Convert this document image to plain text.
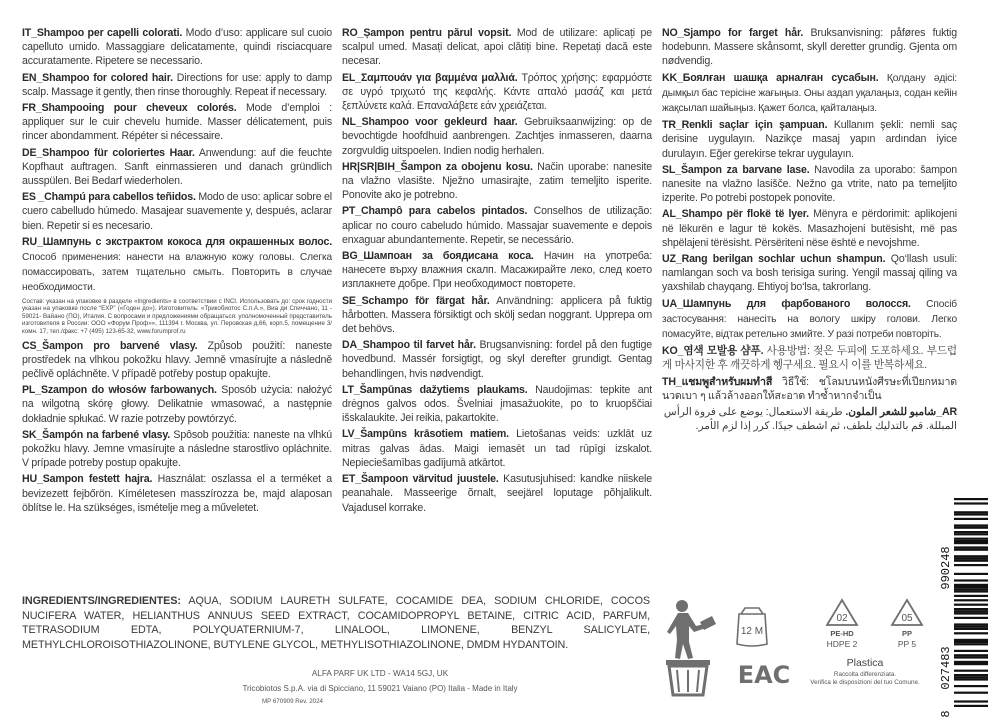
IT_Shampoo per capelli colorati. Modo d’uso: applicare sul cuoio capelluto umido. Massaggiare delicatamente, quindi risciacquare accuratamente. Ripetere se necessario.

EN_Shampoo for colored hair. Directions for use: apply to damp scalp. Massage it gently, then rinse thoroughly. Repeat if necessary.

FR_Shampooing pour cheveux colorés. Mode d’emploi : appliquer sur le cuir chevelu humide. Masser délicatement, puis rincer abondamment. Répéter si nécessaire.

DE_Shampoo für coloriertes Haar. Anwendung: auf die feuchte Kopfhaut auftragen. Sanft einmassieren und danach gründlich ausspülen. Bei Bedarf wiederholen.

ES _Champú para cabellos teñidos. Modo de uso: aplicar sobre el cuero cabelludo húmedo. Masajear suavemente y, después, aclarar bien. Repetir si es necesario.

RU_Шампунь с экстрактом кокоса для окрашенных волос. Способ применения: нанести на влажную кожу головы. Слегка помассировать, затем тщательно смыть. Повторить в случае необходимости.

Состав: указан на упаковке в разделе «Ingredients» в соответствии с INCI. Использовать до: срок годности указан на упаковке после “EXP” («Годен до»). Изготовитель: «Трикобиотос С.п.А.», Виа ди Спиччано, 11 - 59021- Вайано (ПО), Италия. С вопросами и предложениями обращаться: уполномоченный представитель изготовителя в России: ООО «Форум Проф»», 111394 г. Москва, ул. Перовская д.66, корп.5, помещение 3/ комн. 17, тел./факс: +7 (495) 123-65-32, www.forumprof.ru

CS_Šampon pro barvené vlasy. Způsob použití: naneste prostředek na vlhkou pokožku hlavy. Jemně vmasírujte a následně pečlivě opláchněte. V případě potřeby postup opakujte.

PL_Szampon do włosów farbowanych. Sposób użycia: nałożyć na wilgotną skórę głowy. Delikatnie wmasować, a następnie dokładnie spłukać. W razie potrzeby powtórzyć.

SK_Šampón na farbené vlasy. Spôsob použitia: naneste na vlhkú pokožku hlavy. Jemne vmasírujte a následne starostlivo opláchnite. V prípade potreby postup opakujte.

HU_Sampon festett hajra. Használat: oszlassa el a terméket a bevizezett fejbőrön. Kíméletesen masszírozza be, majd alaposan öblítse le. Ha szükséges, ismételje meg a műveletet.

RO_Șampon pentru părul vopsit. Mod de utilizare: aplicați pe scalpul umed. Masați delicat, apoi clătiți bine. Repetați dacă este necesar.

EL_Σαμπουάν για βαμμένα μαλλιά. Τρόπος χρήσης: εφαρμόστε σε υγρό τριχωτό της κεφαλής. Κάντε απαλό μασάζ και μετά ξεπλύνετε καλά. Επαναλάβετε εάν χρειάζεται.

NL_Shampoo voor gekleurd haar. Gebruiksaanwijzing: op de bevochtigde hoofdhuid aanbrengen. Zachtjes inmasseren, daarna zorgvuldig uitspoelen. Indien nodig herhalen.

HR|SR|BIH_Šampon za obojenu kosu. Način uporabe: nanesite na vlažno vlasište. Nježno umasirajte, zatim temeljito isperite. Ponovite ako je potrebno.

PT_Champô para cabelos pintados. Conselhos de utilização: aplicar no couro cabeludo húmido. Massajar suavemente e depois enxaguar abundantemente. Repetir, se necessário.

BG_Шампоан за боядисана коса. Начин на употреба: нанесете върху влажния скалп. Масажирайте леко, след което изплакнете добре. При необходимост повторете.

SE_Schampo för färgat hår. Användning: applicera på fuktig hårbotten. Massera försiktigt och skölj sedan noggrant. Upprepa om det behövs.

DA_Shampoo til farvet hår. Brugsanvisning: fordel på den fugtige hovedbund. Massér forsigtigt, og skyl derefter grundigt. Gentag behandlingen, hvis nødvendigt.

LT_Šampūnas dažytiems plaukams. Naudojimas: tepkite ant drėgnos galvos odos. Švelniai įmasažuokite, po to kruopščiai išskalaukite. Jei reikia, pakartokite.

LV_Šampūns krāsotiem matiem. Lietošanas veids: uzklāt uz mitras galvas ādas. Maigi iemasēt un tad rūpīgi izskalot. Nepieciešamības gadījumā atkārtot.

ET_Šampoon värvitud juustele. Kasutusjuhised: kandke niiskele peanahale. Masseerige õrnalt, seejärel loputage põhjalikult. Vajadusel korrake.

NO_Sjampo for farget hår. Bruksanvisning: påføres fuktig hodebunn. Massere skånsomt, skyll deretter grundig. Gjenta om nødvendig.

KK_Боялған шашқа арналған сусабын. Қолдану әдісі: дымқыл бас терісіне жағыңыз. Оны аздап уқалаңыз, содан кейін жақсылап шайыңыз. Қажет болса, қайталаңыз.

TR_Renkli saçlar için şampuan. Kullanım şekli: nemli saç derisine uygulayın. Nazikçe masaj yapın ardından iyice durulayın. Eğer gerekirse tekrar uygulayın.

SL_Šampon za barvane lase. Navodila za uporabo: šampon nanesite na vlažno lasišče. Nežno ga vtrite, nato pa temeljito izperite. Po potrebi postopek ponovite.

AL_Shampo për flokë të lyer. Mënyra e përdorimit: aplikojeni në lëkurën e lagur të kokës. Masazhojeni butësisht, më pas shpëlajeni tërësisht. Përsëriteni nëse është e nevojshme.

UZ_Rang berilgan sochlar uchun shampun. Qo‘llash usuli: namlangan soch va bosh terisiga suring. Yengil massaj qiling va yaxshilab chayqang. Ehtiyoj bo‘lsa, takrorlang.

UA_Шампунь для фарбованого волосся. Спосіб застосування: нанесіть на вологу шкіру голови. Легко помасуйте, відтак ретельно змийте. У разі потреби повторіть.

KO_염색 모발용 샴푸. 사용방법: 젖은 두피에 도포하세요. 부드럽게 마사지한 후 깨끗하게 헹구세요. 필요시 이를 반복하세요.

TH_แชมพูสำหรับผมทำสี วิธีใช้: ชโลมบนหนังศีรษะที่เปียกหมาด นวดเบา ๆ แล้วล้างออกให้สะอาด ทำซ้ำหากจำเป็น

AR_شامبو للشعر الملون. طريقة الاستعمال: يوضع على فروة الرأس المبللة. قم بالتدليك بلطف، ثم اشطف جيدًا. كرر إذا لزم الأمر.

INGREDIENTS/INGREDIENTES: AQUA, SODIUM LAURETH SULFATE, COCAMIDE DEA, SODIUM CHLORIDE, COCOS NUCIFERA WATER, HELIANTHUS ANNUUS SEED EXTRACT, COCAMIDOPROPYL BETAINE, CITRIC ACID, PARFUM, TETRASODIUM EDTA, POLYQUATERNIUM-7, LINALOOL, LIMONENE, BENZYL SALICYLATE, METHYLCHLOROISOTHIAZOLINONE, BUTYLENE GLYCOL, METHYLISOTHIAZOLINONE, DMDM HYDANTOIN.
ALFA PARF UK LTD - WA14 5GJ, UK
Tricobiotos S.p.A. via di Spicciano, 11 59021 Vaiano (PO) Italia - Made in Italy
MP 670909 Rev. 2024
12 M
EAC
02
PE-HD
HDPE 2
05
PP
PP 5
Plastica
Raccolta differenziata.
Verifica le disposizioni del tuo Comune.
990248
027483
8
